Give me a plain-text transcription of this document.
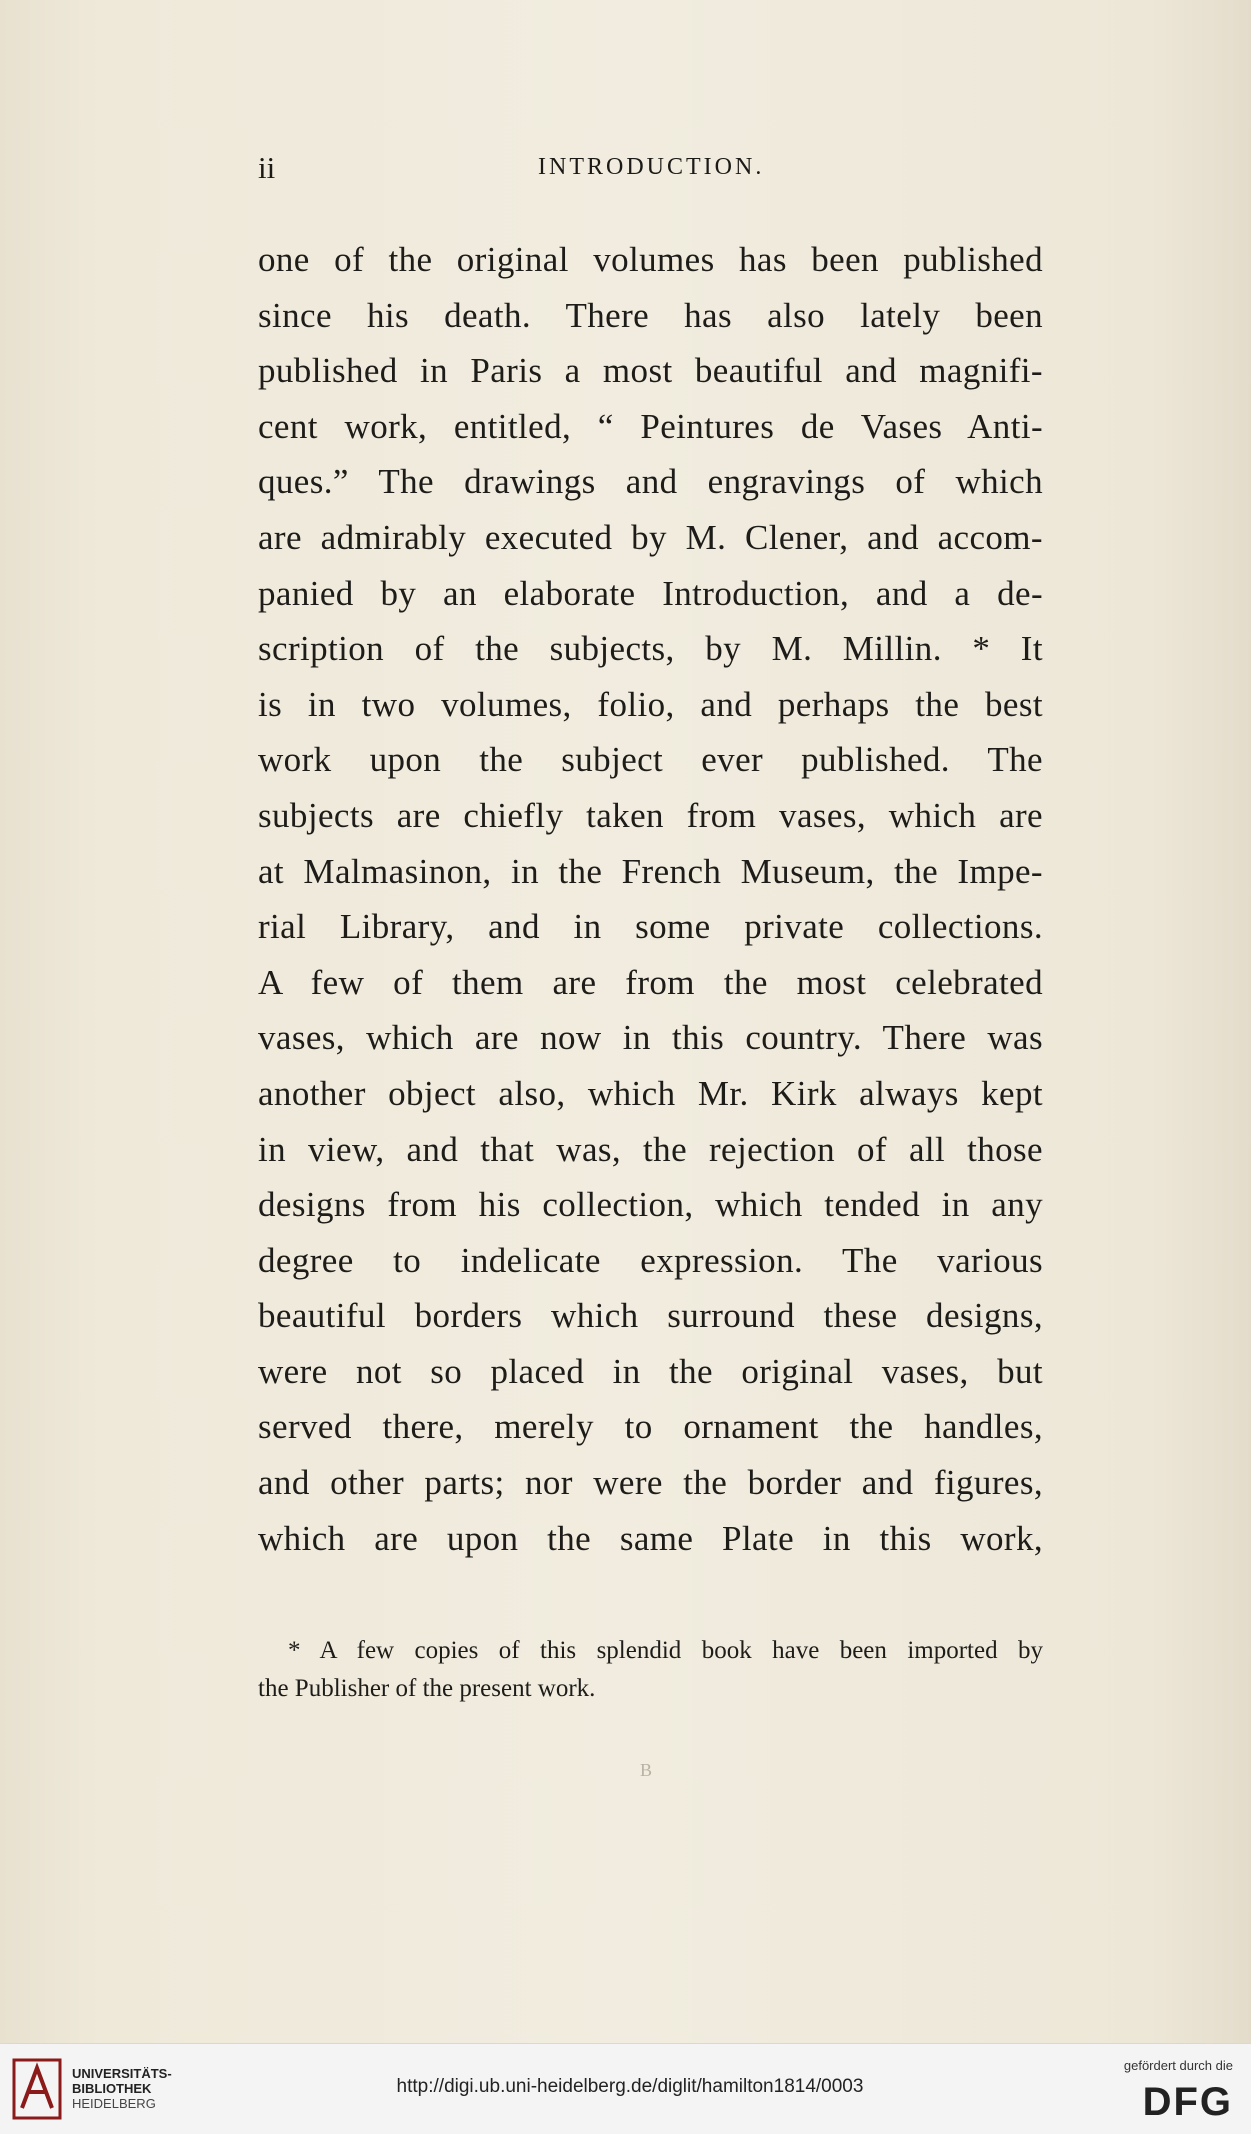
ii	INTRODUCTION.
one of the original volumes has been published
since his death. There has also lately been
published in Paris a most beautiful and magnifi-
cent work, entitled, “ Peintures de Vases Anti-
ques.” The drawings and engravings of which
are admirably executed by M. Clener, and accom-
panied by an elaborate Introduction, and a de-
scription of the subjects, by M. Millin. * It
is in two volumes, folio, and perhaps the best
work upon the subject ever published. The
subjects are chiefly taken from vases, which are
at Malmasinon, in the French Museum, the Impe-
rial Library, and in some private collections.
A few of them are from the most celebrated
vases, which are now in this country. There was
another object also, which Mr. Kirk always kept
in view, and that was, the rejection of all those
designs from his collection, which tended in any
degree to indelicate expression. The various
beautiful borders which surround these designs,
were not so placed in the original vases, but
served there, merely to ornament the handles,
and other parts; nor were the border and figures,
which are upon the same Plate in this work,
* A few copies of this splendid book have been imported by
the Publisher of the present work.
B
UNIVERSITÄTS-
BIBLIOTHEK
HEIDELBERG
http://digi.ub.uni-heidelberg.de/diglit/hamilton1814/0003
gefördert durch die
DFG
